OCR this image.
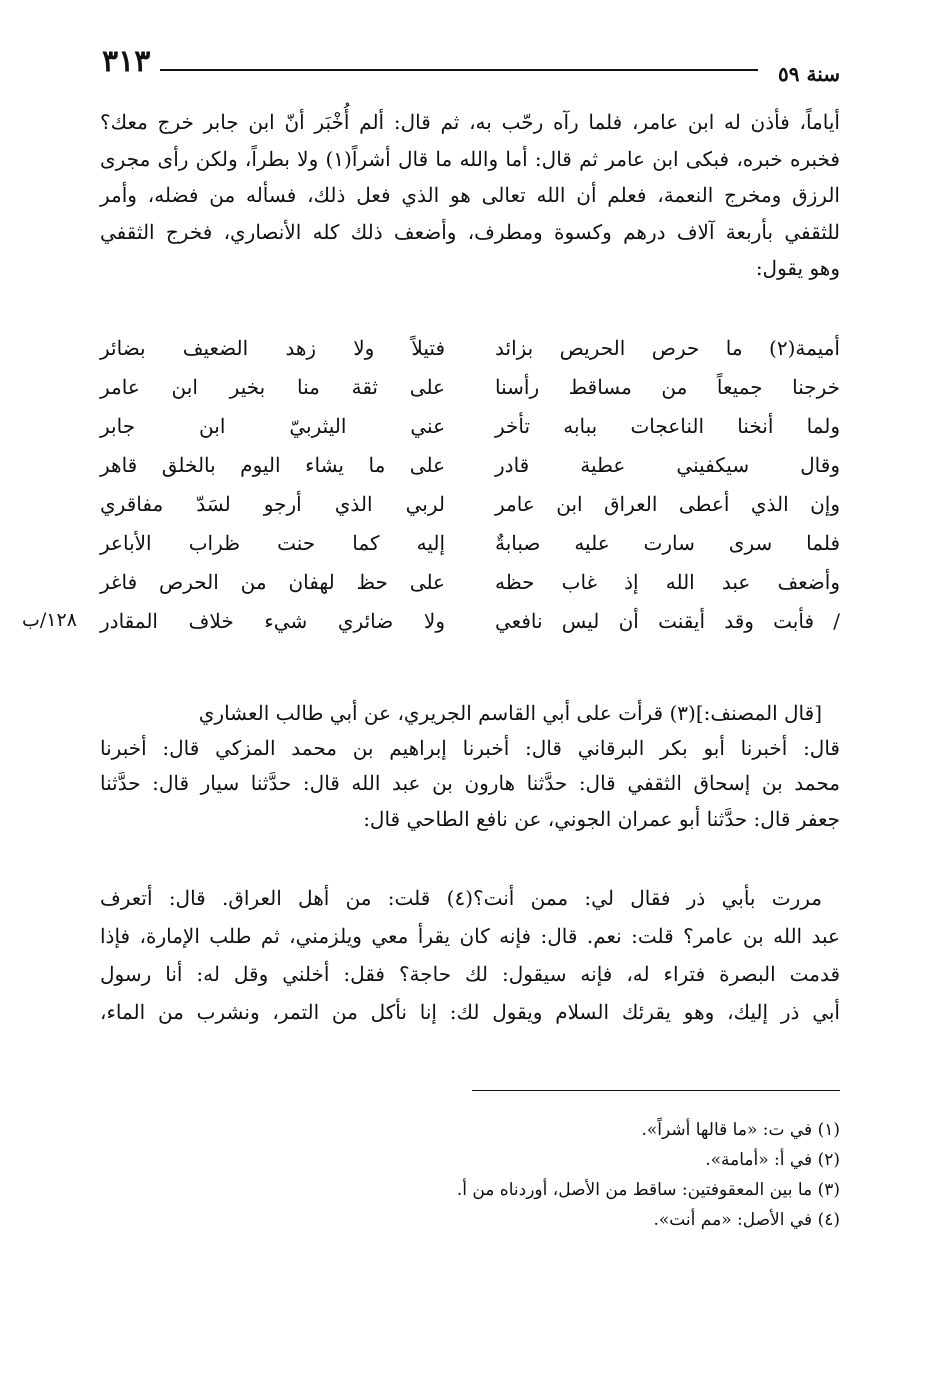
سنة ٥٩
٣١٣
أياماً، فأذن له ابن عامر، فلما رآه رحّب به، ثم قال: ألم أُخْبَر أنّ ابن جابر خرج معك؟
فخبره خبره، فبكى ابن عامر ثم قال: أما والله ما قال أشراً(١) ولا بطراً، ولكن رأى مجرى
الرزق ومخرج النعمة، فعلم أن الله تعالى هو الذي فعل ذلك، فسأله من فضله، وأمر
للثقفي بأربعة آلاف درهم وكسوة ومطرف، وأضعف ذلك كله الأنصاري، فخرج الثقفي
وهو يقول:
أميمة(٢) ما حرص الحريص بزائد
فتيلاً ولا زهد الضعيف بضائر
خرجنا جميعاً من مساقط رأسنا
على ثقة منا بخير ابن عامر
ولما أنخنا الناعجات ببابه تأخر
عني اليثربيّ ابن جابر
وقال سيكفيني عطية قادر
على ما يشاء اليوم بالخلق قاهر
وإن الذي أعطى العراق ابن عامر
لربي الذي أرجو لسَدّ مفاقري
فلما سرى سارت عليه صبابةٌ
إليه كما حنت ظراب الأباعر
وأضعف عبد الله إذ غاب حظه
على حظ لهفان من الحرص فاغر
/ فأبت وقد أيقنت أن ليس نافعي
ولا ضائري شيء خلاف المقادر
١٢٨/ب
[قال المصنف:](٣) قرأت على أبي القاسم الجريري، عن أبي طالب العشاري
قال: أخبرنا أبو بكر البرقاني قال: أخبرنا إبراهيم بن محمد المزكي قال: أخبرنا
محمد بن إسحاق الثقفي قال: حدَّثنا هارون بن عبد الله قال: حدَّثنا سيار قال: حدَّثنا
جعفر قال: حدَّثنا أبو عمران الجوني، عن نافع الطاحي قال:
مررت بأبي ذر فقال لي: ممن أنت؟(٤) قلت: من أهل العراق. قال: أتعرف
عبد الله بن عامر؟ قلت: نعم. قال: فإنه كان يقرأ معي ويلزمني، ثم طلب الإمارة، فإذا
قدمت البصرة فتراء له، فإنه سيقول: لك حاجة؟ فقل: أخلني وقل له: أنا رسول
أبي ذر إليك، وهو يقرئك السلام ويقول لك: إنا نأكل من التمر، ونشرب من الماء،
(١) في ت: «ما قالها أشراً».
(٢) في أ: «أمامة».
(٣) ما بين المعقوفتين: ساقط من الأصل، أوردناه من أ.
(٤) في الأصل: «مم أنت».
